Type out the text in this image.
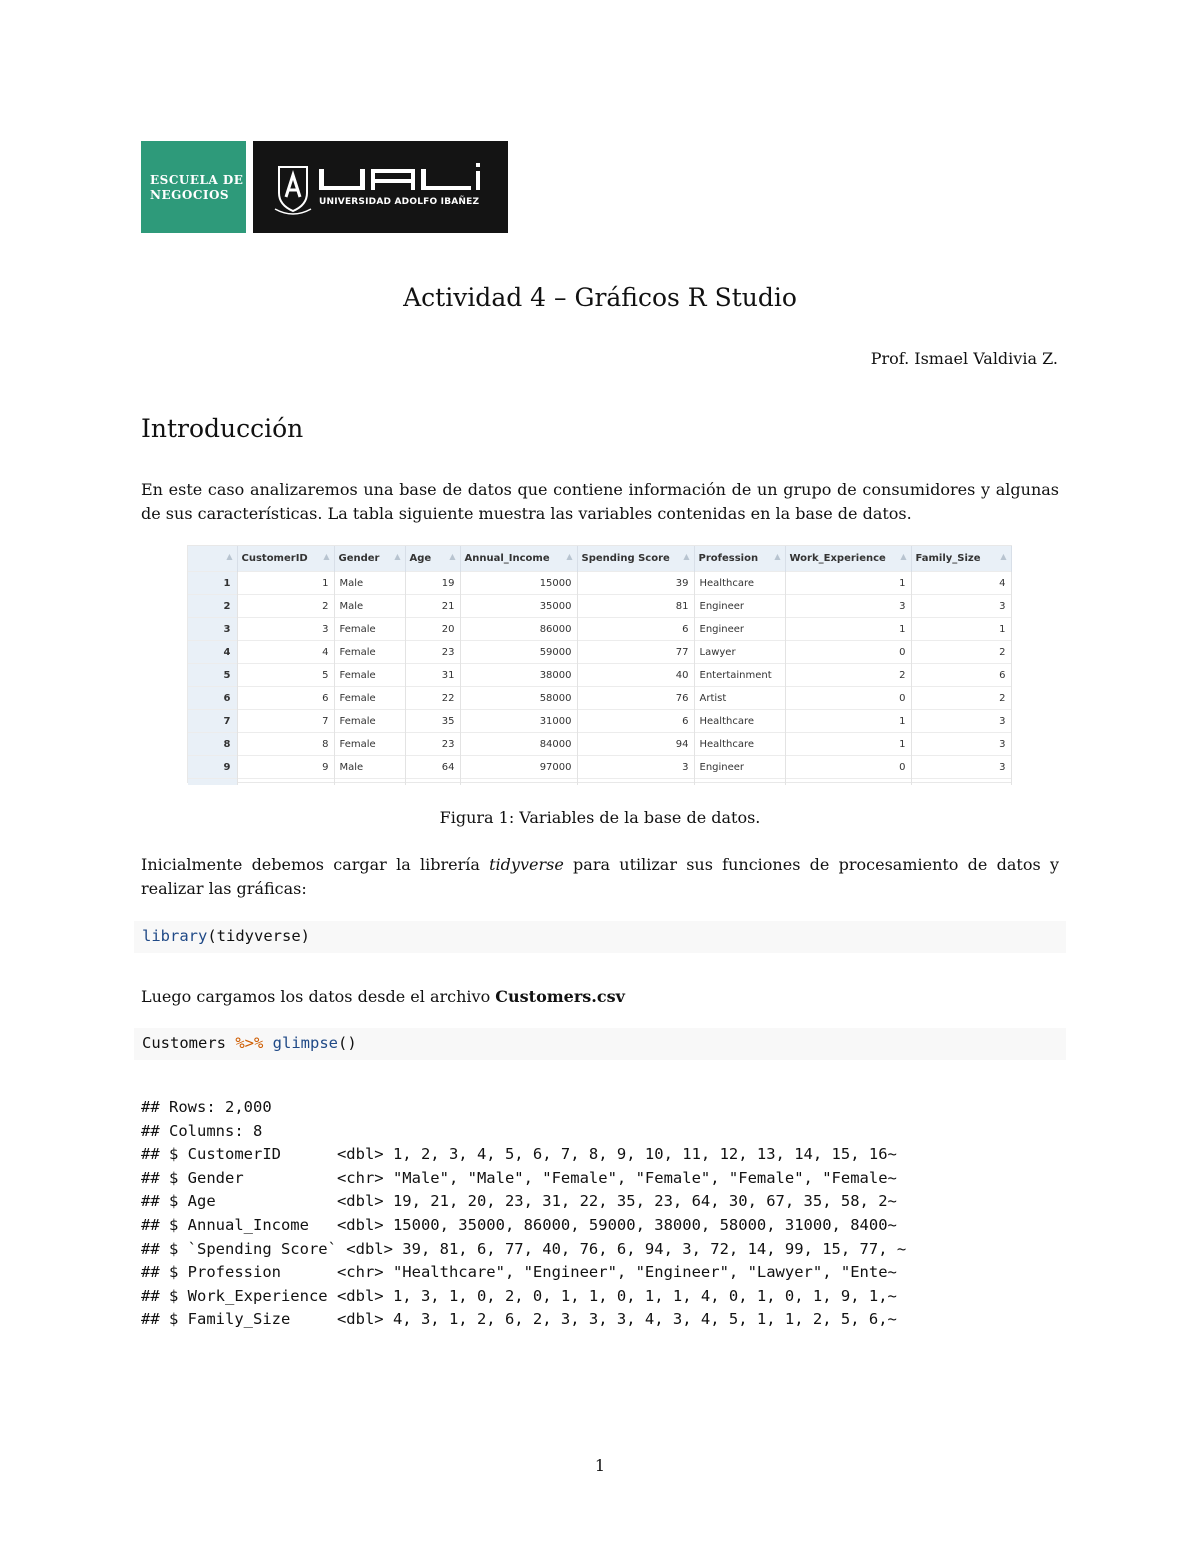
ESCUELA DE
NEGOCIOS	UNIVERSIDAD ADOLFO IBAÑEZ
Actividad 4 – Gráficos R Studio
Prof. Ismael Valdivia Z.
Introducción
En este caso analizaremos una base de datos que contiene información de un grupo de consumidores y algunas de sus características. La tabla siguiente muestra las variables contenidas en la base de datos.
▲	CustomerID ▲	Gender ▲	Age ▲	Annual_Income ▲	Spending Score ▲	Profession ▲	Work_Experience ▲	Family_Size ▲

1	1	Male	19	15000	39	Healthcare	1	4
2	2	Male	21	35000	81	Engineer	3	3
3	3	Female	20	86000	6	Engineer	1	1
4	4	Female	23	59000	77	Lawyer	0	2
5	5	Female	31	38000	40	Entertainment	2	6
6	6	Female	22	58000	76	Artist	0	2
7	7	Female	35	31000	6	Healthcare	1	3
8	8	Female	23	84000	94	Healthcare	1	3
9	9	Male	64	97000	3	Engineer	0	3

Figura 1: Variables de la base de datos.
Inicialmente debemos cargar la librería tidyverse para utilizar sus funciones de procesamiento de datos y realizar las gráficas:
library(tidyverse)
Luego cargamos los datos desde el archivo Customers.csv
Customers %>% glimpse()
## Rows: 2,000
## Columns: 8
## $ CustomerID      <dbl> 1, 2, 3, 4, 5, 6, 7, 8, 9, 10, 11, 12, 13, 14, 15, 16~
## $ Gender          <chr> "Male", "Male", "Female", "Female", "Female", "Female~
## $ Age             <dbl> 19, 21, 20, 23, 31, 22, 35, 23, 64, 30, 67, 35, 58, 2~
## $ Annual_Income   <dbl> 15000, 35000, 86000, 59000, 38000, 58000, 31000, 8400~
## $ `Spending Score` <dbl> 39, 81, 6, 77, 40, 76, 6, 94, 3, 72, 14, 99, 15, 77, ~
## $ Profession      <chr> "Healthcare", "Engineer", "Engineer", "Lawyer", "Ente~
## $ Work_Experience <dbl> 1, 3, 1, 0, 2, 0, 1, 1, 0, 1, 1, 4, 0, 1, 0, 1, 9, 1,~
## $ Family_Size     <dbl> 4, 3, 1, 2, 6, 2, 3, 3, 3, 4, 3, 4, 5, 1, 1, 2, 5, 6,~
1
